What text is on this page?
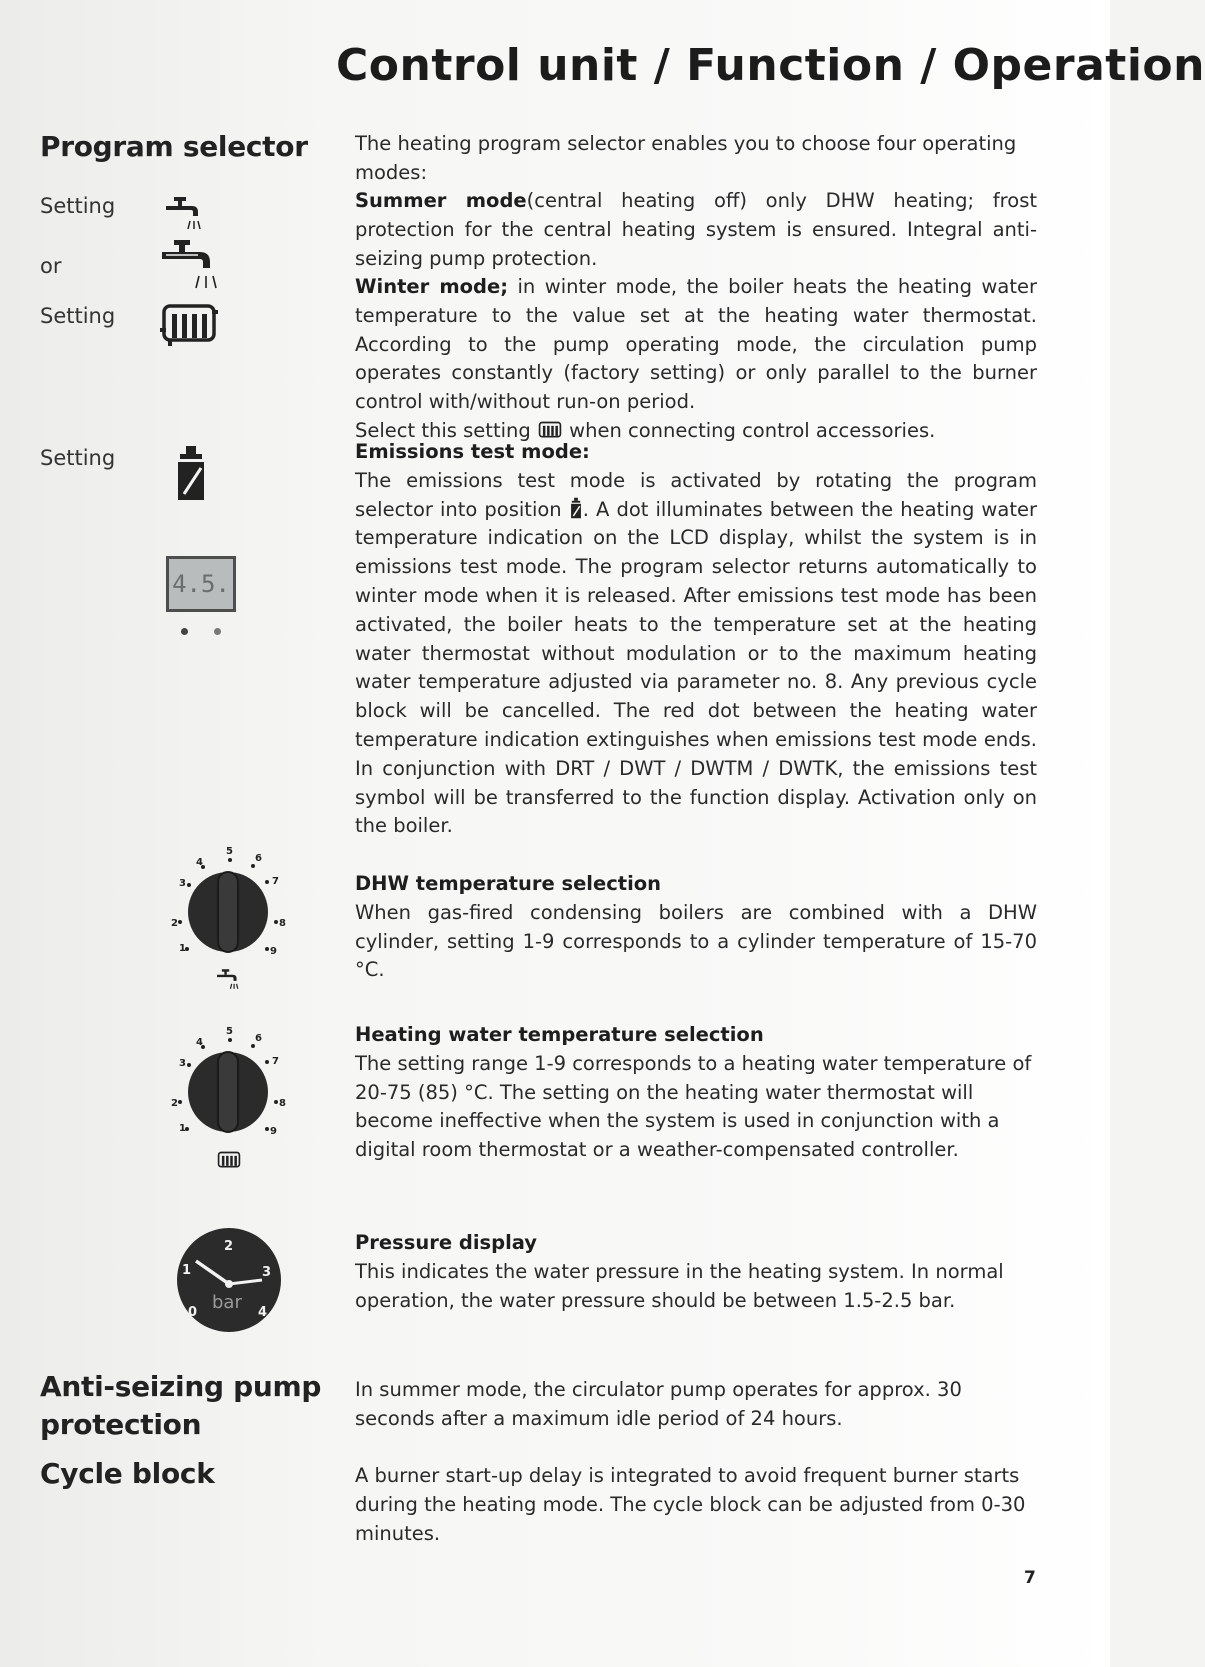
Control unit / Function / Operation
Program selector
Setting
or
Setting
Setting
4.5.
1
2
3
4
5
6
7
8
9
1
2
3
4
5
6
7
8
9
0
1
2
3
4
bar
Anti-seizing pump
protection
Cycle block
The heating program selector enables you to choose four operating modes:
Summer mode(central heating off) only DHW heating; frost protection for the central heating system is ensured. Integral anti-seizing pump protection.
Winter mode; in winter mode, the boiler heats the heating water temperature to the value set at the heating water thermostat. According to the pump operating mode, the circulation pump operates constantly (factory setting) or only parallel to the burner control with/without run-on period.
Select this setting  when connecting control accessories.
Emissions test mode:
The emissions test mode is activated by rotating the program selector into position . A dot illuminates between the heating water temperature indication on the LCD display, whilst the system is in emissions test mode. The program selector returns automatically to winter mode when it is released. After emissions test mode has been activated, the boiler heats to the temperature set at the heating water thermostat without modulation or to the maximum heating water temperature adjusted via parameter no. 8. Any previous cycle block will be cancelled. The red dot between the heating water temperature indication extinguishes when emissions test mode ends. In conjunction with DRT / DWT / DWTM / DWTK, the emissions test symbol will be transferred to the function display. Activation only on the boiler.
DHW temperature selection
When gas-fired condensing boilers are combined with a DHW cylinder, setting 1-9 corresponds to a cylinder temperature of 15-70 °C.
Heating water temperature selection
The setting range 1-9 corresponds to a heating water temperature of 20-75 (85) °C. The setting on the heating water thermostat will become ineffective when the system is used in conjunction with a digital room thermostat or a weather-compensated controller.
Pressure display
This indicates the water pressure in the heating system. In normal operation, the water pressure should be between 1.5-2.5 bar.
In summer mode, the circulator pump operates for approx. 30 seconds after a maximum idle period of 24 hours.
A burner start-up delay is integrated to avoid frequent burner starts during the heating mode. The cycle block can be adjusted from 0-30 minutes.
7
